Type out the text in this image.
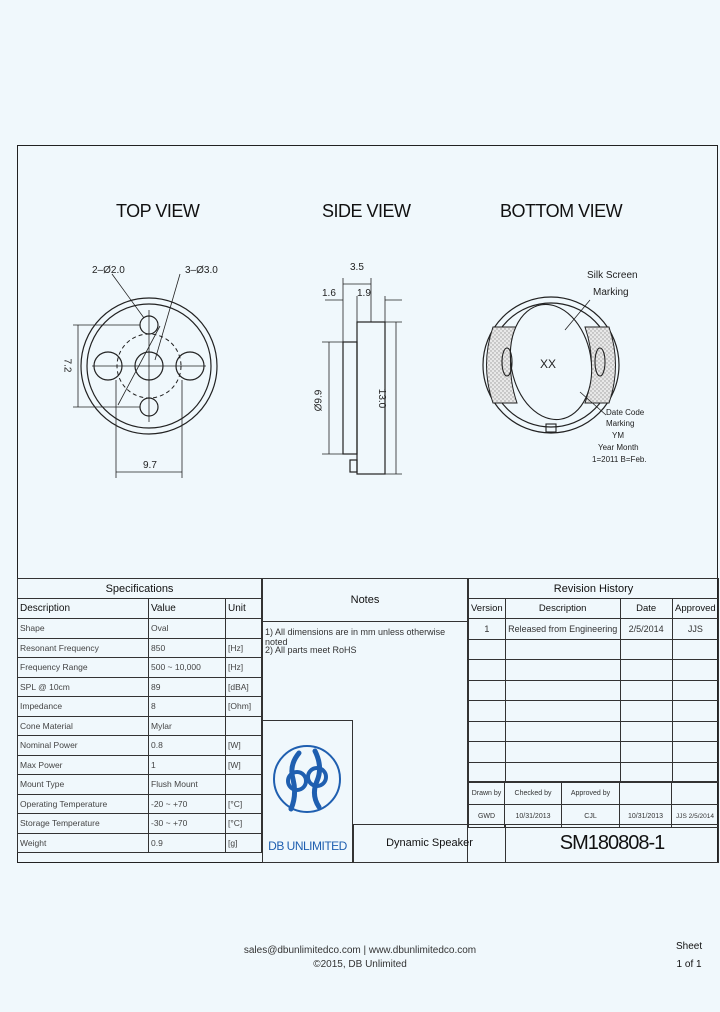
TOP VIEW	SIDE VIEW	BOTTOM VIEW
2–Ø2.0	3–Ø3.0
7.2
9.7
3.5
1.6 1.9
Ø9.9	13.0
Silk Screen
Marking
XX
Date Code
Marking
YM
Year Month
1=2011 B=Feb.
Specifications		
Description	Value	Unit
Shape	Oval	
Resonant Frequency	850	[Hz]
Frequency Range	500 ~ 10,000	[Hz]
SPL @ 10cm	89	[dBA]
Impedance	8	[Ohm]
Cone Material	Mylar	
Nominal Power	0.8	[W]
Max Power	1	[W]
Mount Type	Flush Mount	
Operating Temperature	-20 ~ +70	[°C]
Storage Temperature	-30 ~ +70	[°C]
Weight	0.9	[g]
Notes
1) All dimensions are in mm unless otherwise noted
2) All parts meet RoHS
DB UNLIMITED
Revision History			
Version	Description	Date	Approved
1	Released from Engineering	2/5/2014	JJS

Drawn by	Checked by	Approved by		
GWD	10/31/2013	CJL	10/31/2013	JJS 2/5/2014
Dynamic Speaker	SM180808-1
sales@dbunlimitedco.com | www.dbunlimitedco.com
©2015, DB Unlimited
Sheet
1 of 1
